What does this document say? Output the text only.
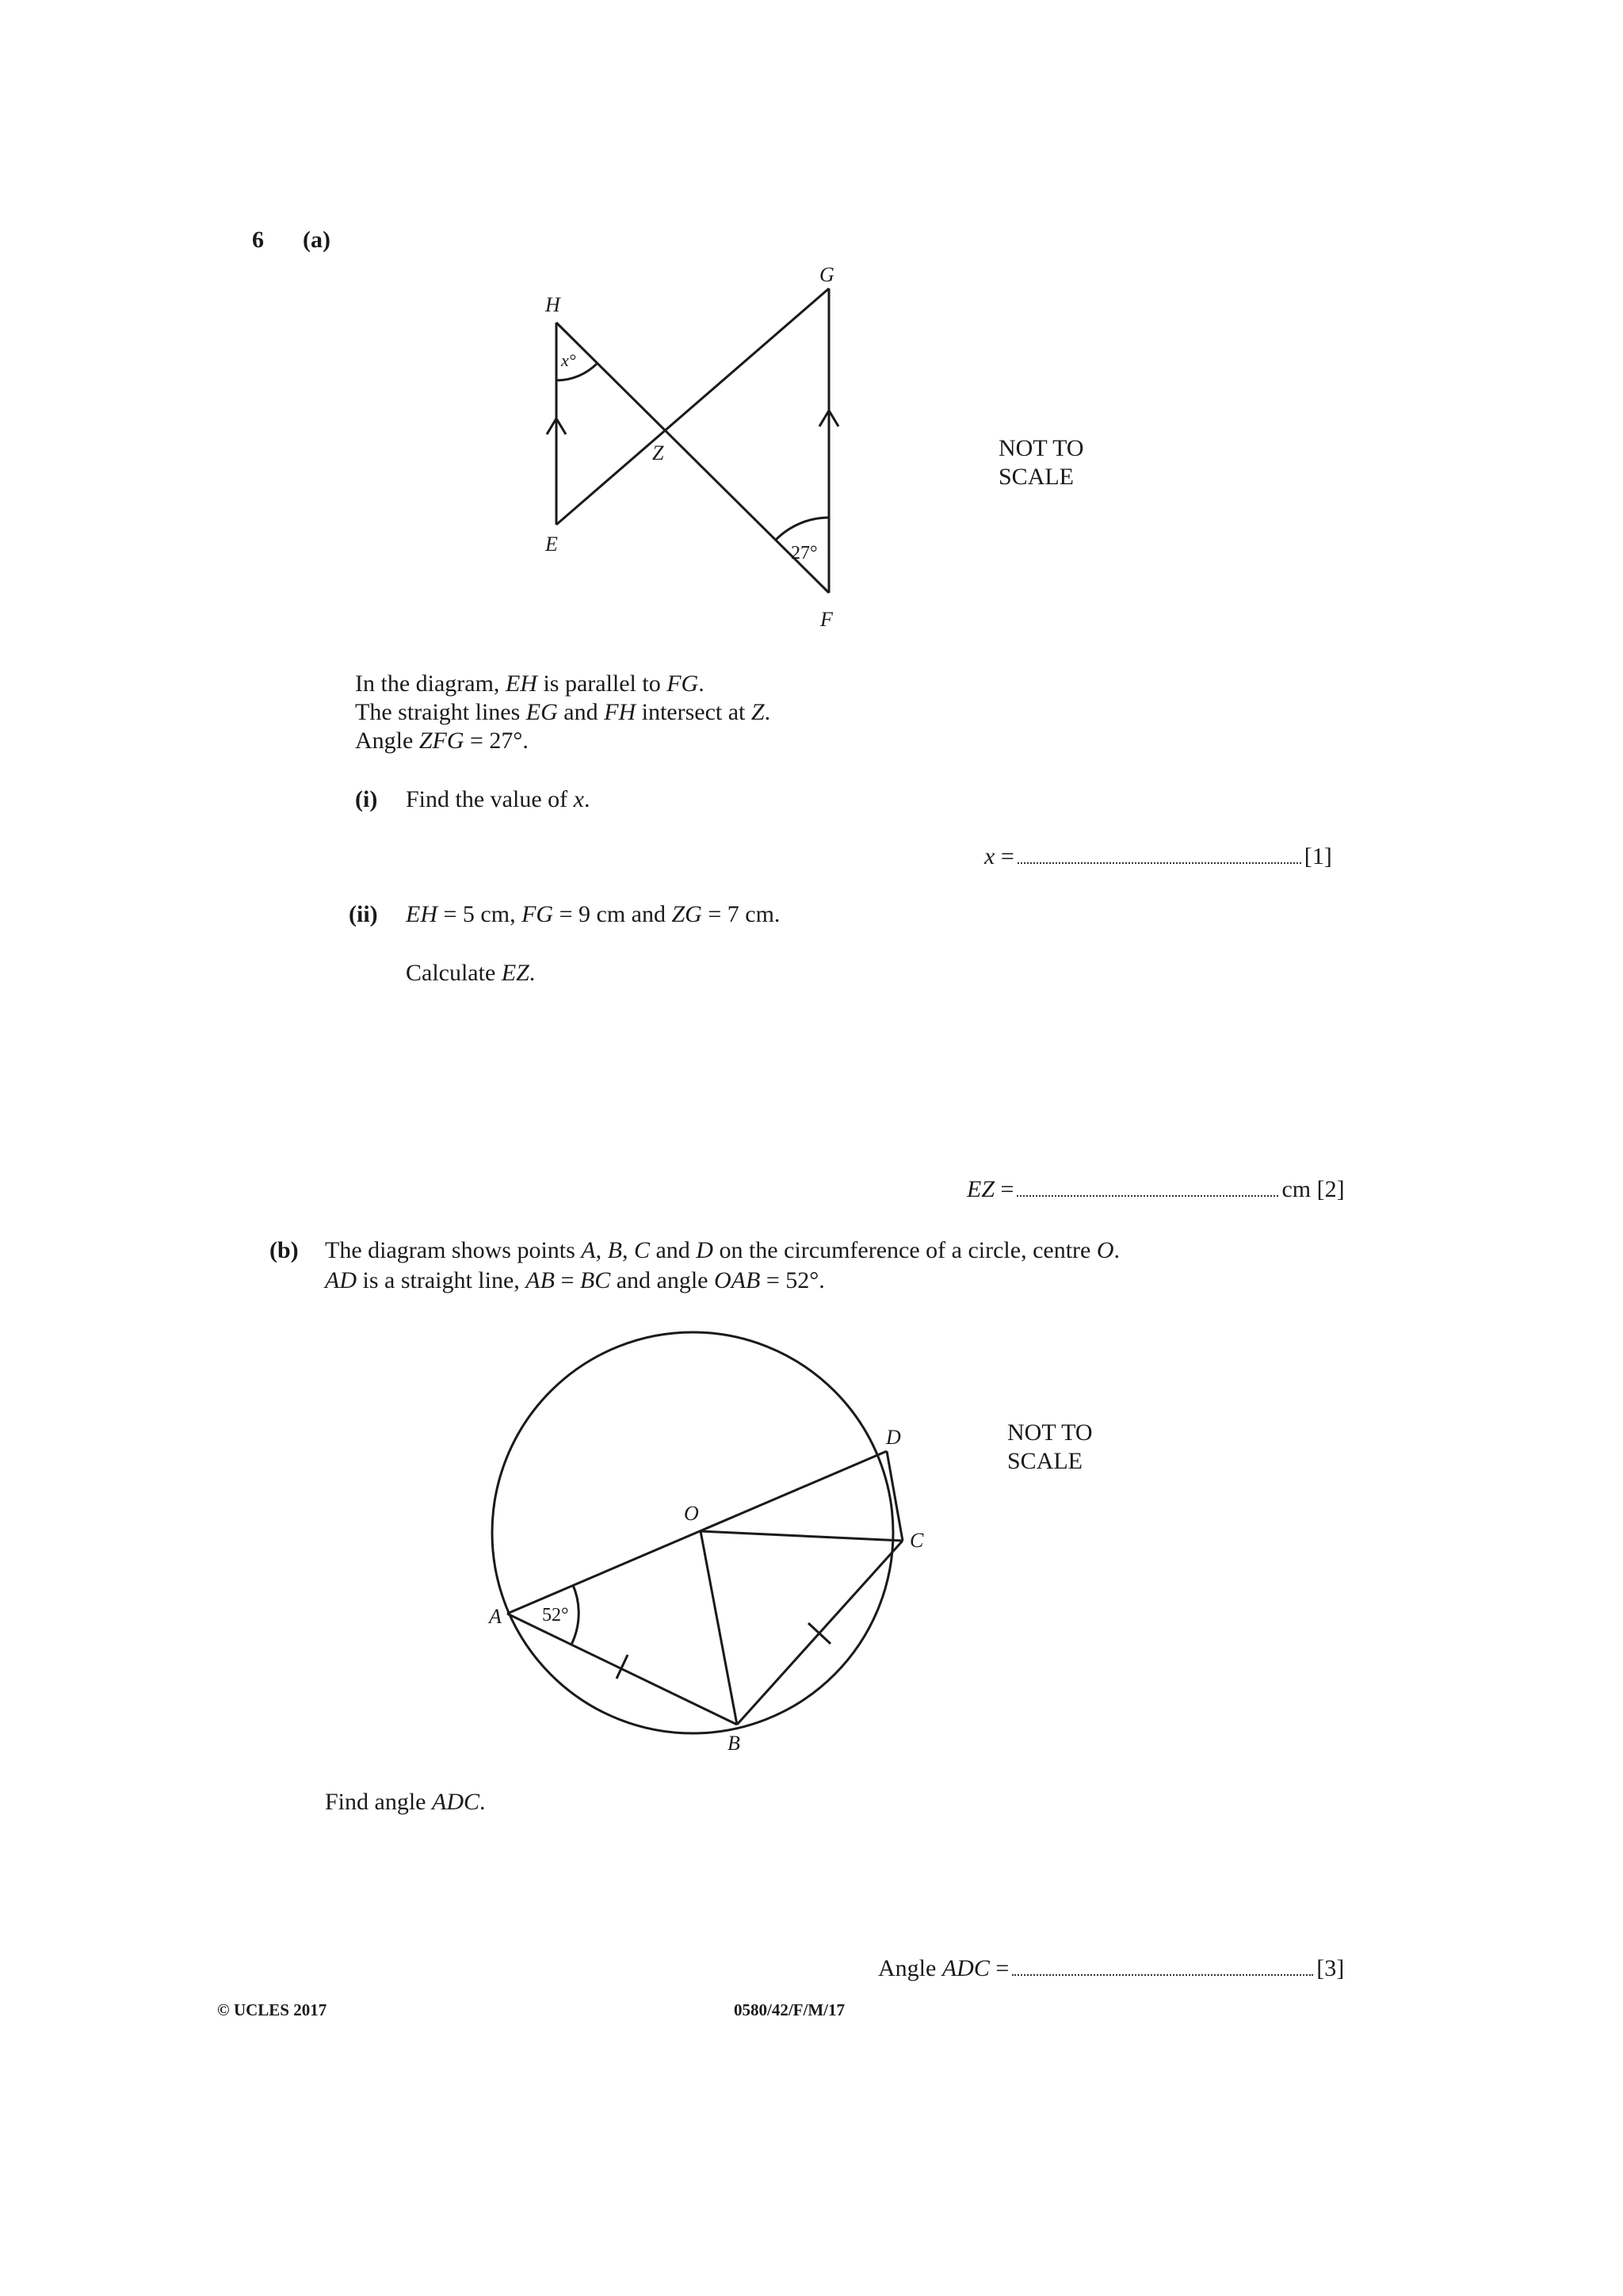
6 (a)
H
G
Z
E
F
x°
27°
NOT TO
SCALE
In the diagram, EH is parallel to FG.
The straight lines EG and FH intersect at Z.
Angle ZFG = 27°.
(i) Find the value of x.
x =	[1]
(ii) EH = 5 cm, FG = 9 cm and ZG = 7 cm.
Calculate EZ.
EZ =	cm [2]
(b) The diagram shows points A, B, C and D on the circumference of a circle, centre O.
AD is a straight line, AB = BC and angle OAB = 52°.
A
B
C
D
O
52°
NOT TO
SCALE
Find angle ADC.
Angle ADC =	[3]
© UCLES 2017	0580/42/F/M/17
